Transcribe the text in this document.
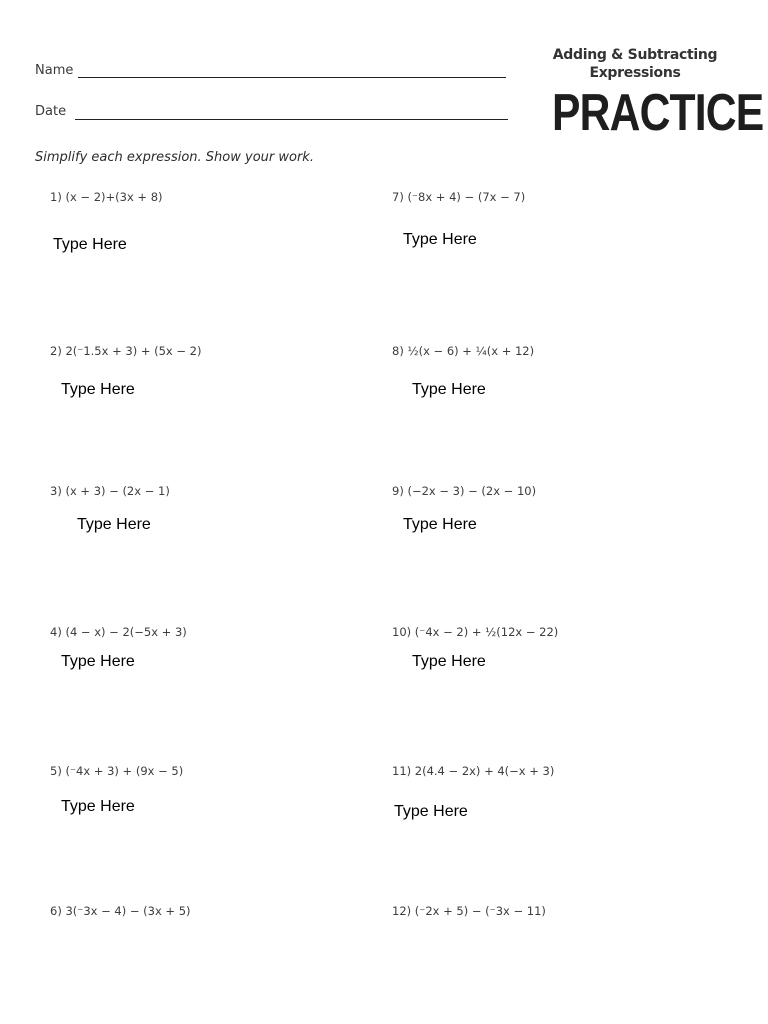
Name
Date
Adding & Subtracting Expressions
PRACTICE
Simplify each expression. Show your work.
1) (x − 2)+(3x + 8)
Type Here
2) 2(⁻1.5x + 3) + (5x − 2)
Type Here
3) (x + 3) − (2x − 1)
Type Here
4) (4 − x) − 2(−5x + 3)
Type Here
5) (⁻4x + 3) + (9x − 5)
Type Here
6) 3(⁻3x − 4) − (3x + 5)
7) (⁻8x + 4) − (7x − 7)
Type Here
8) ½(x − 6) + ¼(x + 12)
Type Here
9) (−2x − 3) − (2x − 10)
Type Here
10) (⁻4x − 2) + ½(12x − 22)
Type Here
11) 2(4.4 − 2x) + 4(−x + 3)
Type Here
12) (⁻2x + 5) − (⁻3x − 11)
